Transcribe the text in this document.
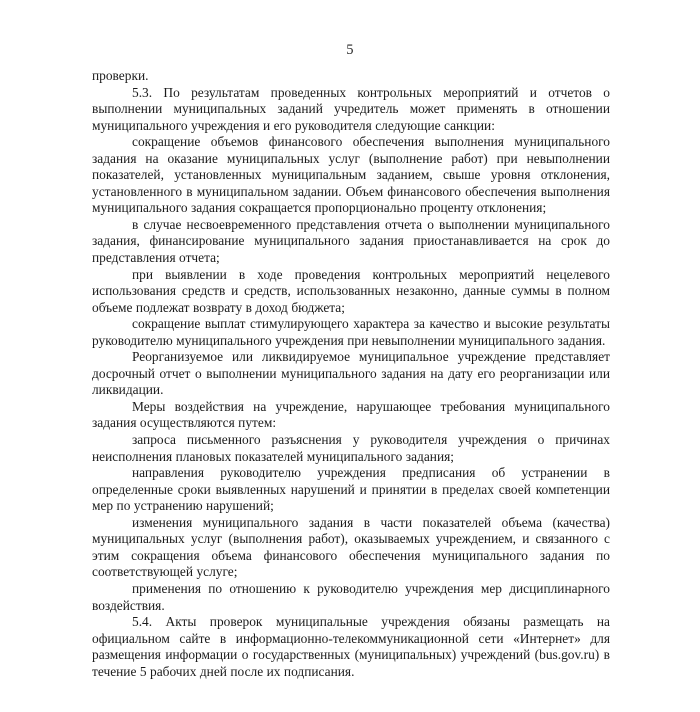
5

проверки.

5.3. По результатам проведенных контрольных мероприятий и отчетов о выполнении муниципальных заданий учредитель может применять в отношении муниципального учреждения и его руководителя следующие санкции:

сокращение объемов финансового обеспечения выполнения муниципального задания на оказание муниципальных услуг (выполнение работ) при невыполнении показателей, установленных муниципальным заданием, свыше уровня отклонения, установленного в муниципальном задании. Объем финансового обеспечения выполнения муниципального задания сокращается пропорционально проценту отклонения;

в случае несвоевременного представления отчета о выполнении муниципального задания, финансирование муниципального задания приостанавливается на срок до представления отчета;

при выявлении в ходе проведения контрольных мероприятий нецелевого использования средств и средств, использованных незаконно, данные суммы в полном объеме подлежат возврату в доход бюджета;

сокращение выплат стимулирующего характера за качество и высокие результаты руководителю муниципального учреждения при невыполнении муниципального задания.

Реорганизуемое или ликвидируемое муниципальное учреждение представляет досрочный отчет о выполнении муниципального задания на дату его реорганизации или ликвидации.

Меры воздействия на учреждение, нарушающее требования муниципального задания осуществляются путем:

запроса письменного разъяснения у руководителя учреждения о причинах неисполнения плановых показателей муниципального задания;

направления руководителю учреждения предписания об устранении в определенные сроки выявленных нарушений и принятии в пределах своей компетенции мер по устранению нарушений;

изменения муниципального задания в части показателей объема (качества) муниципальных услуг (выполнения работ), оказываемых учреждением, и связанного с этим сокращения объема финансового обеспечения муниципального задания по соответствующей услуге;

применения по отношению к руководителю учреждения мер дисциплинарного воздействия.

5.4. Акты проверок муниципальные учреждения обязаны размещать на официальном сайте в информационно-телекоммуникационной сети «Интернет» для размещения информации о государственных (муниципальных) учреждений (bus.gov.ru) в течение 5 рабочих дней после их подписания.
